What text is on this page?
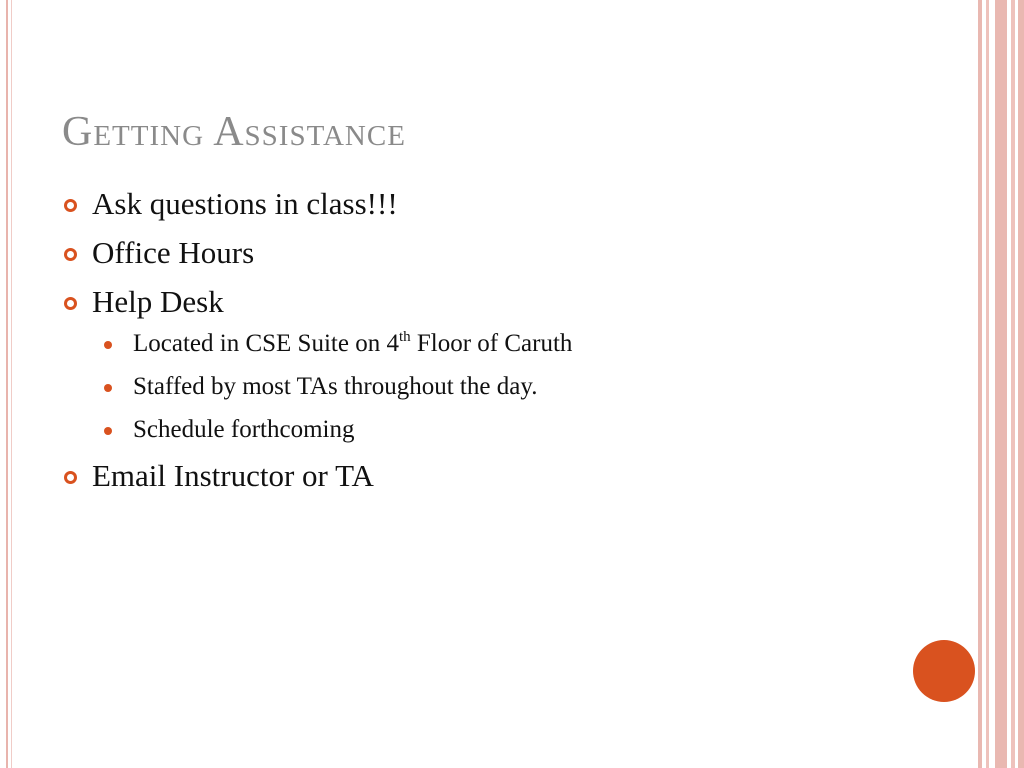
Getting Assistance
Ask questions in class!!!
Office Hours
Help Desk
Located in CSE Suite on 4th Floor of Caruth
Staffed by most TAs throughout the day.
Schedule forthcoming
Email Instructor or TA
